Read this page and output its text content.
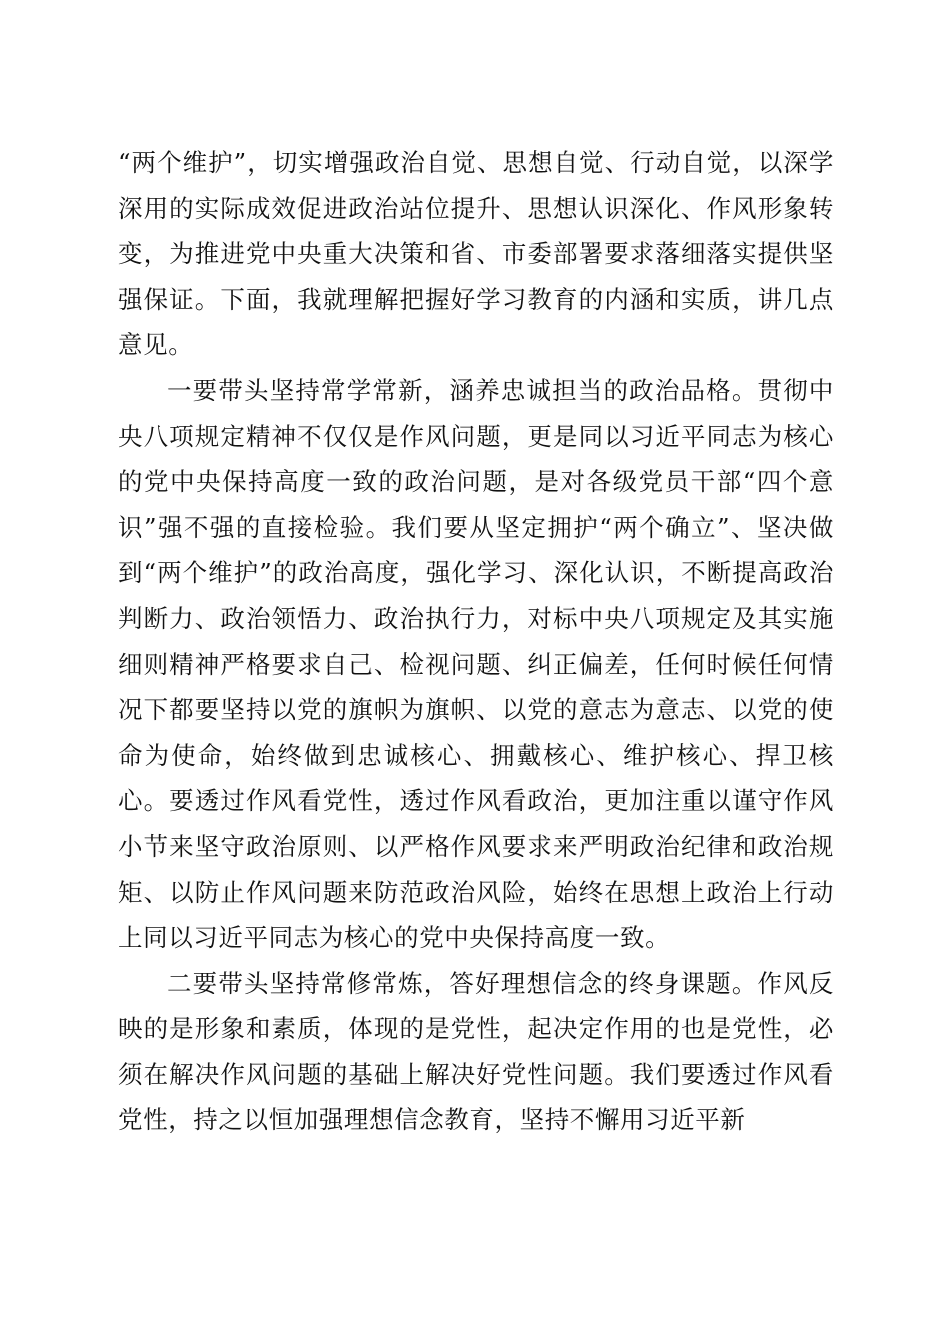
“两个维护”，切实增强政治自觉、思想自觉、行动自觉，以深学深用的实际成效促进政治站位提升、思想认识深化、作风形象转变，为推进党中央重大决策和省、市委部署要求落细落实提供坚强保证。下面，我就理解把握好学习教育的内涵和实质，讲几点意见。

一要带头坚持常学常新，涵养忠诚担当的政治品格。贯彻中央八项规定精神不仅仅是作风问题，更是同以习近平同志为核心的党中央保持高度一致的政治问题，是对各级党员干部“四个意识”强不强的直接检验。我们要从坚定拥护“两个确立”、坚决做到“两个维护”的政治高度，强化学习、深化认识，不断提高政治判断力、政治领悟力、政治执行力，对标中央八项规定及其实施细则精神严格要求自己、检视问题、纠正偏差，任何时候任何情况下都要坚持以党的旗帜为旗帜、以党的意志为意志、以党的使命为使命，始终做到忠诚核心、拥戴核心、维护核心、捍卫核心。要透过作风看党性，透过作风看政治，更加注重以谨守作风小节来坚守政治原则、以严格作风要求来严明政治纪律和政治规矩、以防止作风问题来防范政治风险，始终在思想上政治上行动上同以习近平同志为核心的党中央保持高度一致。

二要带头坚持常修常炼，答好理想信念的终身课题。作风反映的是形象和素质，体现的是党性，起决定作用的也是党性，必须在解决作风问题的基础上解决好党性问题。我们要透过作风看党性，持之以恒加强理想信念教育，坚持不懈用习近平新
